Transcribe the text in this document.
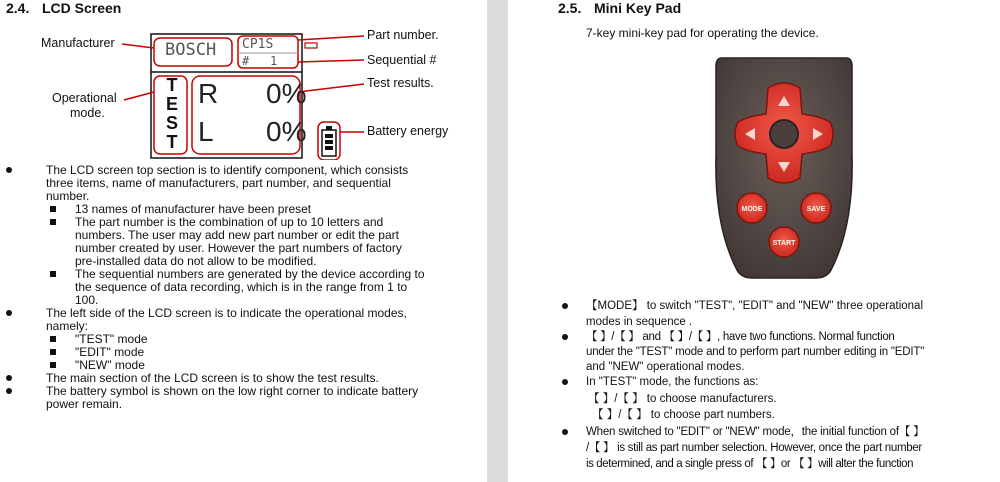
2.4. LCD Screen
BOSCH CP1S
# 1
T
E
S
T
R 0%
L 0%
Manufacturer
Part number.
Sequential #
Test results.
Operational
mode.
Battery energy
The LCD screen top section is to identify component, which consists
three items, name of manufacturers, part number, and sequential
number.
13 names of manufacturer have been preset
The part number is the combination of up to 10 letters and
numbers. The user may add new part number or edit the part
number created by user. However the part numbers of factory
pre-installed data do not allow to be modified.
The sequential numbers are generated by the device according to
the sequence of data recording, which is in the range from 1 to
100.
The left side of the LCD screen is to indicate the operational modes,
namely:
"TEST" mode
"EDIT" mode
"NEW" mode
The main section of the LCD screen is to show the test results.
The battery symbol is shown on the low right corner to indicate battery
power remain.
2.5. Mini Key Pad
7-key mini-key pad for operating the device.
MODE	SAVE
START
【MODE】 to switch "TEST", "EDIT" and "NEW" three operational
modes in sequence .
【 】/【 】 and 【 】/【 】, have two functions. Normal function
under the "TEST" mode and to perform part number editing in "EDIT"
and "NEW" operational modes.
In "TEST" mode, the functions as:
【 】/【 】 to choose manufacturers.
【 】/【 】 to choose part numbers.
When switched to "EDIT" or "NEW" mode，the initial function of【 】
/【 】 is still as part number selection. However, once the part number
is determined, and a single press of 【 】or 【 】will alter the function
